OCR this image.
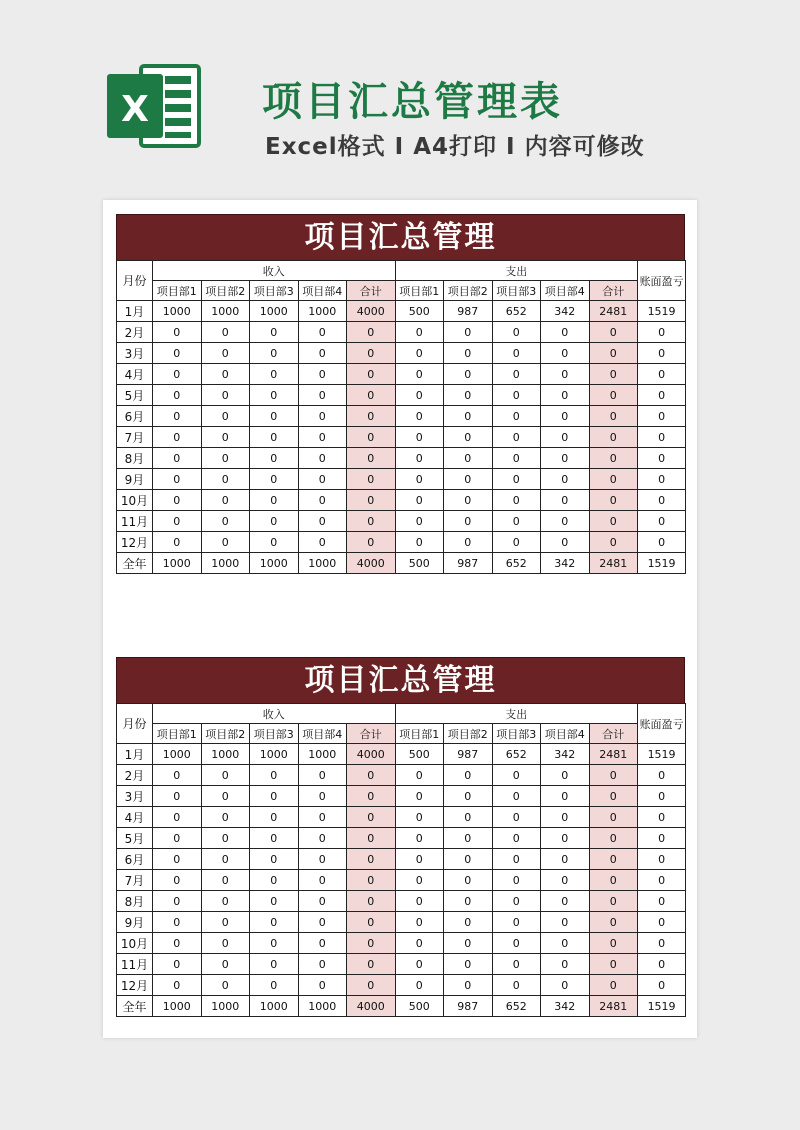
X	项目汇总管理表
Excel格式 I A4打印 I 内容可修改
项目汇总管理
月份	收入					支出					账面盈亏
	项目部1	项目部2	项目部3	项目部4	合计	项目部1	项目部2	项目部3	项目部4	合计	
1月	1000	1000	1000	1000	4000	500	987	652	342	2481	1519
2月	0	0	0	0	0	0	0	0	0	0	0
3月	0	0	0	0	0	0	0	0	0	0	0
4月	0	0	0	0	0	0	0	0	0	0	0
5月	0	0	0	0	0	0	0	0	0	0	0
6月	0	0	0	0	0	0	0	0	0	0	0
7月	0	0	0	0	0	0	0	0	0	0	0
8月	0	0	0	0	0	0	0	0	0	0	0
9月	0	0	0	0	0	0	0	0	0	0	0
10月	0	0	0	0	0	0	0	0	0	0	0
11月	0	0	0	0	0	0	0	0	0	0	0
12月	0	0	0	0	0	0	0	0	0	0	0
全年	1000	1000	1000	1000	4000	500	987	652	342	2481	1519
项目汇总管理
月份	收入					支出					账面盈亏
	项目部1	项目部2	项目部3	项目部4	合计	项目部1	项目部2	项目部3	项目部4	合计	
1月	1000	1000	1000	1000	4000	500	987	652	342	2481	1519
2月	0	0	0	0	0	0	0	0	0	0	0
3月	0	0	0	0	0	0	0	0	0	0	0
4月	0	0	0	0	0	0	0	0	0	0	0
5月	0	0	0	0	0	0	0	0	0	0	0
6月	0	0	0	0	0	0	0	0	0	0	0
7月	0	0	0	0	0	0	0	0	0	0	0
8月	0	0	0	0	0	0	0	0	0	0	0
9月	0	0	0	0	0	0	0	0	0	0	0
10月	0	0	0	0	0	0	0	0	0	0	0
11月	0	0	0	0	0	0	0	0	0	0	0
12月	0	0	0	0	0	0	0	0	0	0	0
全年	1000	1000	1000	1000	4000	500	987	652	342	2481	1519
